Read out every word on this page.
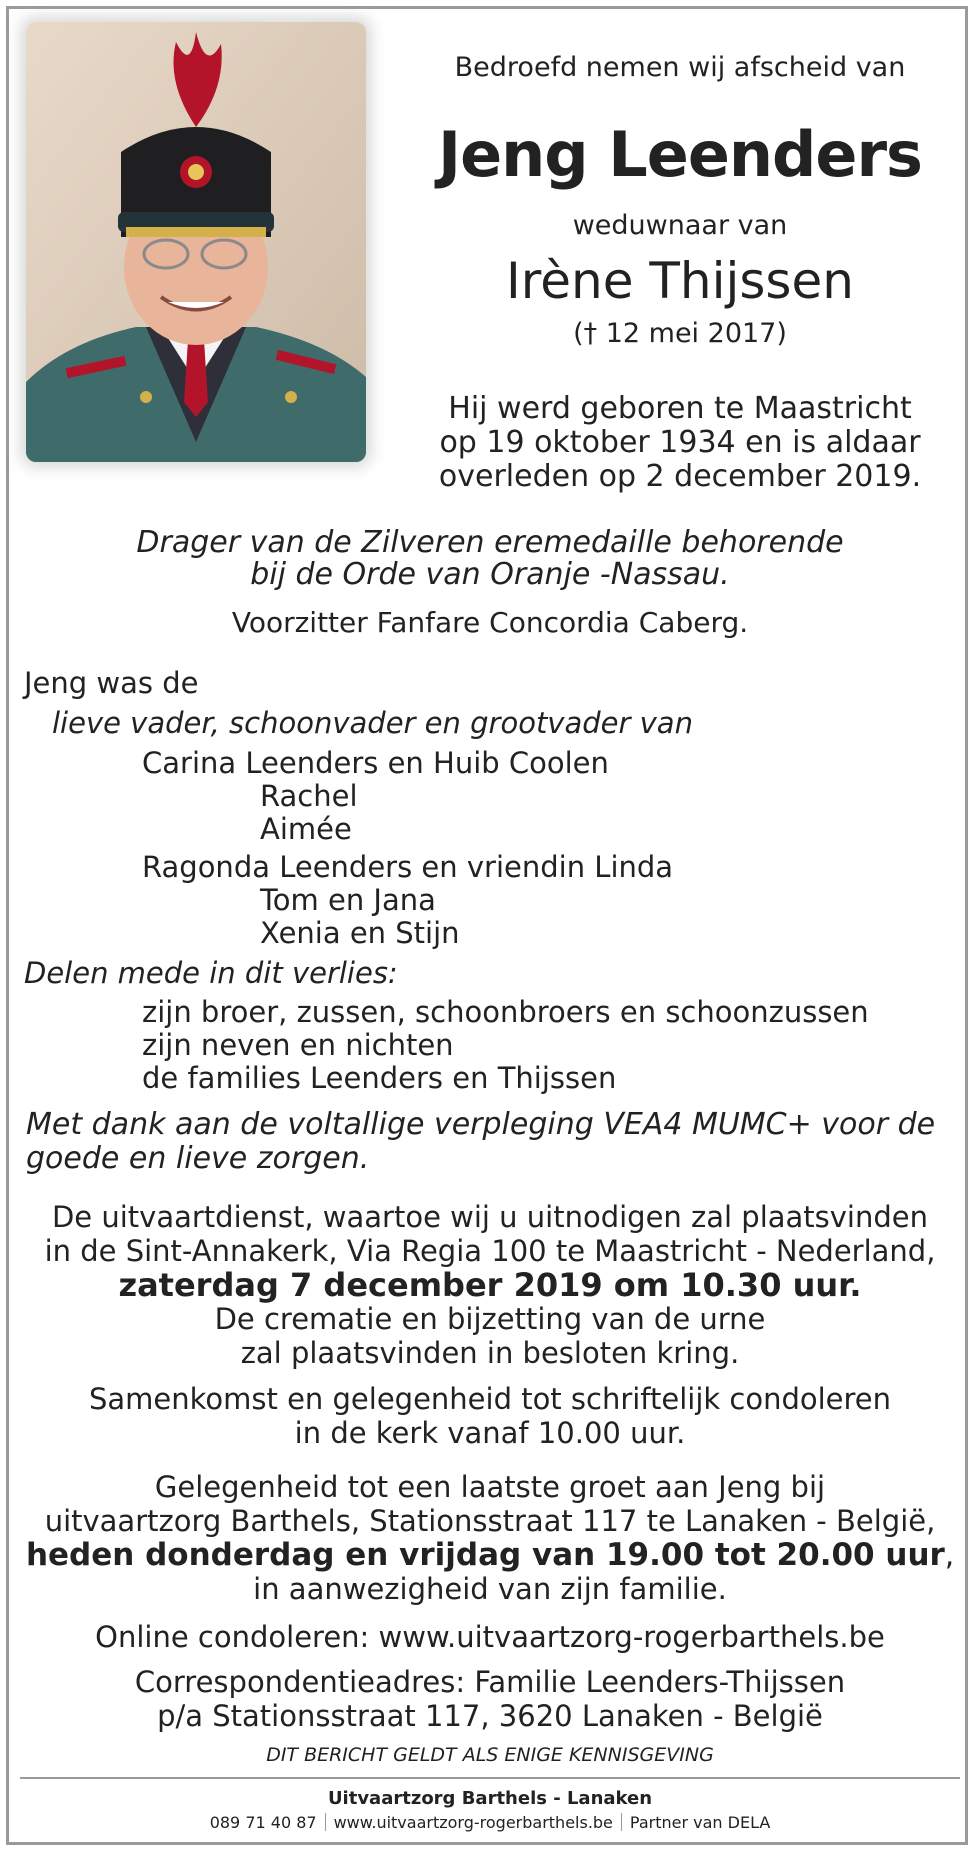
Bedroefd nemen wij afscheid van
Jeng Leenders
weduwnaar van
Irène Thijssen
(† 12 mei 2017)
Hij werd geboren te Maastricht
op 19 oktober 1934 en is aldaar
overleden op 2 december 2019.
Drager van de Zilveren eremedaille behorende
bij de Orde van Oranje -Nassau.
Voorzitter Fanfare Concordia Caberg.
Jeng was de
lieve vader, schoonvader en grootvader van
Carina Leenders en Huib Coolen
Rachel
Aimée
Ragonda Leenders en vriendin Linda
Tom en Jana
Xenia en Stijn
Delen mede in dit verlies:
zijn broer, zussen, schoonbroers en schoonzussen
zijn neven en nichten
de families Leenders en Thijssen
Met dank aan de voltallige verpleging VEA4 MUMC+ voor de
goede en lieve zorgen.
De uitvaartdienst, waartoe wij u uitnodigen zal plaatsvinden
in de Sint-Annakerk, Via Regia 100 te Maastricht - Nederland,
zaterdag 7 december 2019 om 10.30 uur.
De crematie en bijzetting van de urne
zal plaatsvinden in besloten kring.
Samenkomst en gelegenheid tot schriftelijk condoleren
in de kerk vanaf 10.00 uur.
Gelegenheid tot een laatste groet aan Jeng bij
uitvaartzorg Barthels, Stationsstraat 117 te Lanaken - België,
heden donderdag en vrijdag van 19.00 tot 20.00 uur,
in aanwezigheid van zijn familie.
Online condoleren: www.uitvaartzorg-rogerbarthels.be
Correspondentieadres: Familie Leenders-Thijssen
p/a Stationsstraat 117, 3620 Lanaken - België
DIT BERICHT GELDT ALS ENIGE KENNISGEVING
Uitvaartzorg Barthels - Lanaken
089 71 40 87 www.uitvaartzorg-rogerbarthels.be Partner van DELA
